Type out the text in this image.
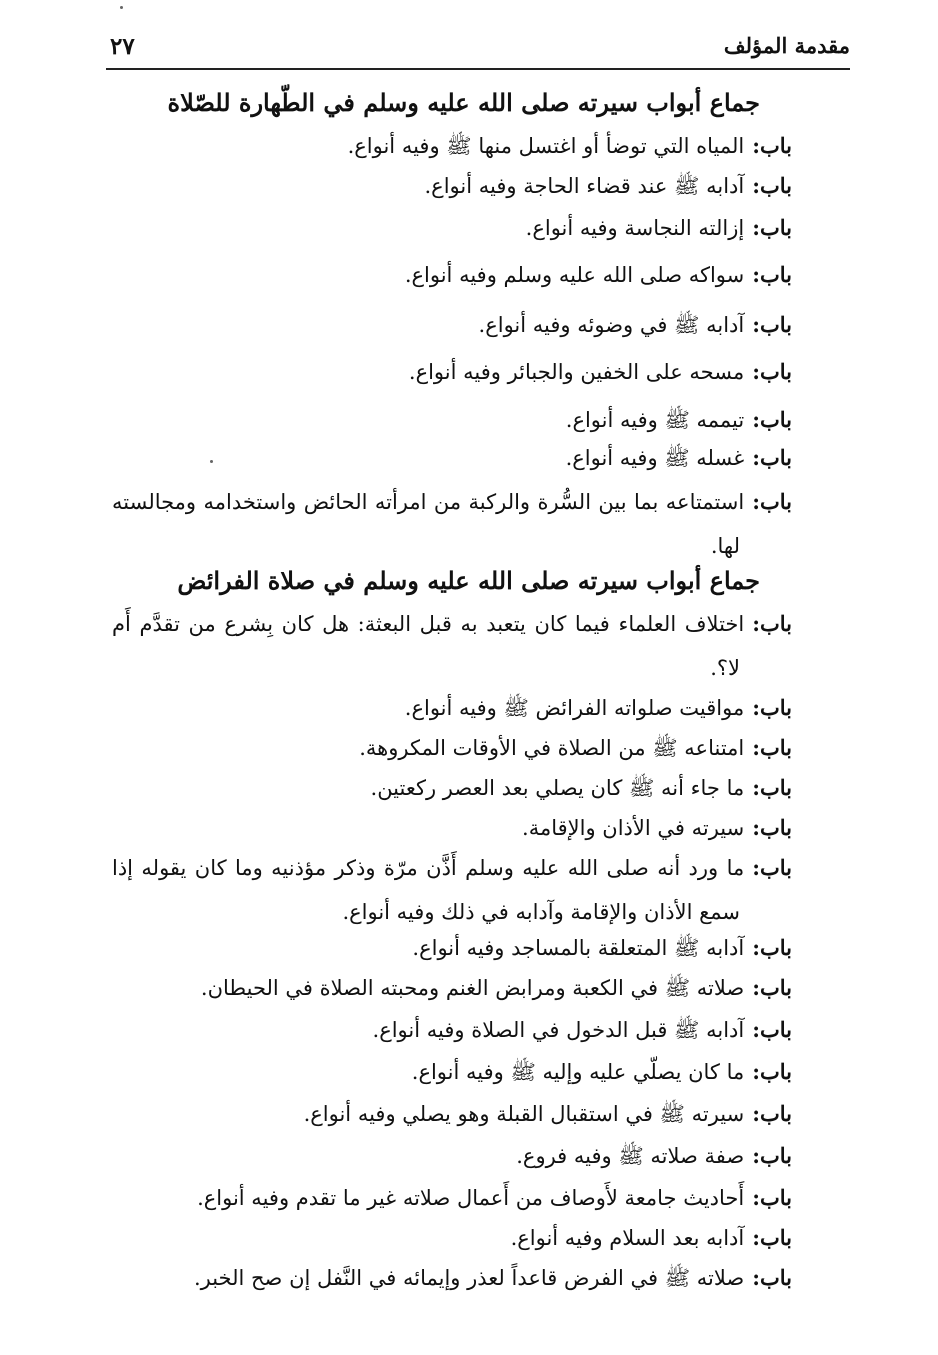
مقدمة المؤلف
٢٧
جماع أبواب سيرته صلى الله عليه وسلم في الطّهارة للصّلاة
باب:المياه التي توضأ أو اغتسل منها ﷺ وفيه أنواع.
باب:آدابه ﷺ عند قضاء الحاجة وفيه أنواع.
باب:إزالته النجاسة وفيه أنواع.
باب:سواكه صلى الله عليه وسلم وفيه أنواع.
باب:آدابه ﷺ في وضوئه وفيه أنواع.
باب:مسحه على الخفين والجبائر وفيه أنواع.
باب:تيممه ﷺ وفيه أنواع.
باب:غسله ﷺ وفيه أنواع.
باب:استمتاعه بما بين السُّرة والركبة من امرأته الحائض واستخدامه ومجالسته
لها.
جماع أبواب سيرته صلى الله عليه وسلم في صلاة الفرائض
باب:اختلاف العلماء فيما كان يتعبد به قبل البعثة: هل كان بِشرع من تقدَّم أَم
لا؟.
باب:مواقيت صلواته الفرائض ﷺ وفيه أنواع.
باب:امتناعه ﷺ من الصلاة في الأوقات المكروهة.
باب:ما جاء أنه ﷺ كان يصلي بعد العصر ركعتين.
باب:سيرته في الأذان والإقامة.
باب:ما ورد أنه صلى الله عليه وسلم أَذَّن مرّة وذكر مؤذنيه وما كان يقوله إذا
سمع الأذان والإقامة وآدابه في ذلك وفيه أنواع.
باب:آدابه ﷺ المتعلقة بالمساجد وفيه أنواع.
باب:صلاته ﷺ في الكعبة ومرابض الغنم ومحبته الصلاة في الحيطان.
باب:آدابه ﷺ قبل الدخول في الصلاة وفيه أنواع.
باب:ما كان يصلّي عليه وإليه ﷺ وفيه أنواع.
باب:سيرته ﷺ في استقبال القبلة وهو يصلي وفيه أنواع.
باب:صفة صلاته ﷺ وفيه فروع.
باب:أَحاديث جامعة لأَوصاف من أَعمال صلاته غير ما تقدم وفيه أنواع.
باب:آدابه بعد السلام وفيه أنواع.
باب:صلاته ﷺ في الفرض قاعداً لعذر وإيمائه في النَّفل إن صح الخبر.
